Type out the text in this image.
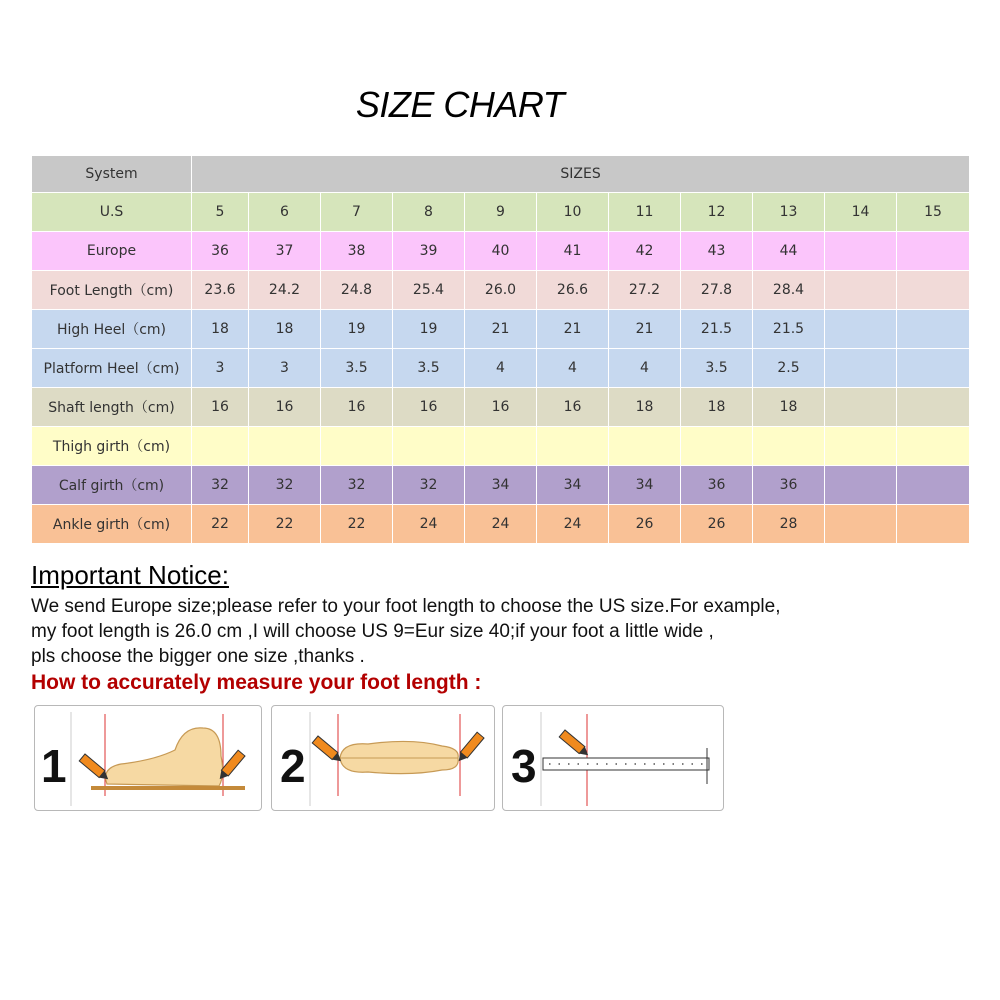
SIZE CHART
System	SIZES										
U.S	5	6	7	8	9	10	11	12	13	14	15
Europe	36	37	38	39	40	41	42	43	44		
Foot Length（cm)	23.6	24.2	24.8	25.4	26.0	26.6	27.2	27.8	28.4		
High Heel（cm)	18	18	19	19	21	21	21	21.5	21.5		
Platform Heel（cm)	3	3	3.5	3.5	4	4	4	3.5	2.5		
Shaft length（cm)	16	16	16	16	16	16	18	18	18		
Thigh girth（cm)											
Calf girth（cm)	32	32	32	32	34	34	34	36	36		
Ankle girth（cm)	22	22	22	24	24	24	26	26	28		
Important Notice:
We send Europe size;please refer to your foot length to choose the US size.For example,
my foot length is 26.0 cm ,I will choose US 9=Eur size 40;if your foot a little wide ,
pls choose the bigger one size ,thanks .
How to accurately measure your foot length :
1	2	3
